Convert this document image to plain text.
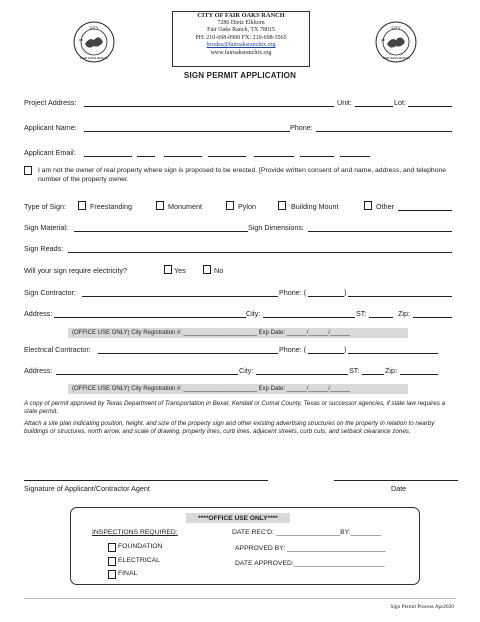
CITY
OF
FAIR OAKS RANCH
CITY
OF
FAIR OAKS RANCH
CITY OF FAIR OAKS RANCH
7286 Dietz Elkhorn
Fair Oaks Ranch, TX 78015
PH: 210-698-0900 FX: 210-698-3565
bcodes@fairoaksranchtx.org
www.fairoaksranchtx.org
SIGN PERMIT APPLICATION
Project Address:	Unit:	Lot:
Applicant Name:	Phone:
Applicant Email:
I am not the owner of real property where sign is proposed to be erected. [Provide written consent of and name, address, and telephone number of the property owner.
Type of Sign:	Freestanding	Monument	Pylon	Building Mount	Other
Sign Material:	Sign Dimensions:
Sign Reads:
Will your sign require electricity?	Yes	No
Sign Contractor:	Phone: (	)
Address:	City:	ST:	Zip:
(OFFICE USE ONLY) City Registration #: ______________________ Exp Date: ______/______/______
Electrical Contractor:	Phone: (	)
Address:	City:	ST:	Zip:
(OFFICE USE ONLY) City Registration #: ______________________ Exp Date: ______/______/______
A copy of permit approved by Texas Department of Transportation in Bexar, Kendall or Comal County, Texas or successor agencies, if state law requires a state permit.
Attach a site plan indicating position, height, and size of the property sign and other existing advertising structures on the property in relation to nearby buildings or structures, north arrow, and scale of drawing, property lines, curb lines, adjacent streets, curb cuts, and setback clearance zones.
Signature of Applicant/Contractor Agent	Date
****OFFICE USE ONLY****
INSPECTIONS REQUIRED:
FOUNDATION
ELECTRICAL
FINAL
DATE REC'D: _________________BY:________
APPROVED BY: __________________________
DATE APPROVED:________________________
Sign Permit Process Apr2020
